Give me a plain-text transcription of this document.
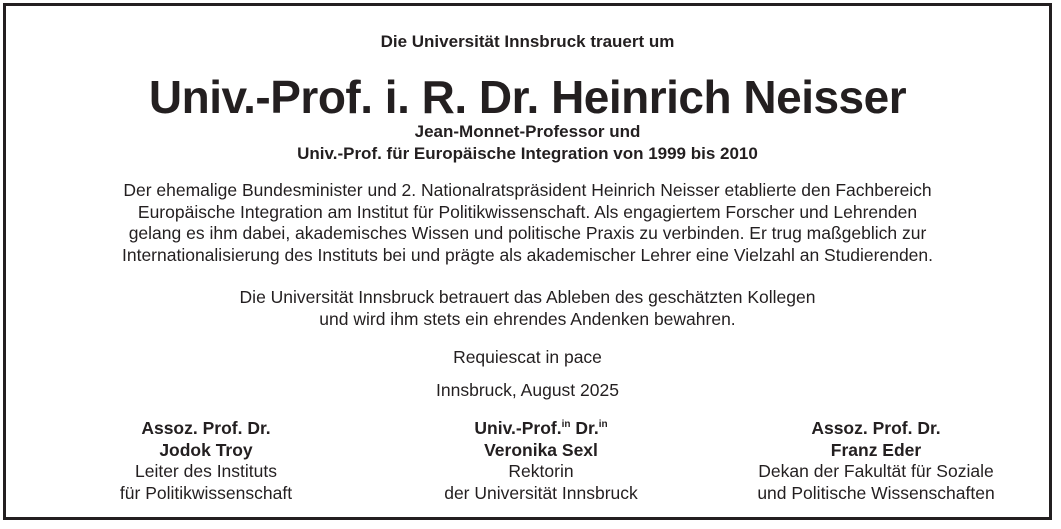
Die Universität Innsbruck trauert um
Univ.-Prof. i. R. Dr. Heinrich Neisser
Jean-Monnet-Professor und
Univ.-Prof. für Europäische Integration von 1999 bis 2010
Der ehemalige Bundesminister und 2. Nationalratspräsident Heinrich Neisser etablierte den Fachbereich
Europäische Integration am Institut für Politikwissenschaft. Als engagiertem Forscher und Lehrenden
gelang es ihm dabei, akademisches Wissen und politische Praxis zu verbinden. Er trug maßgeblich zur
Internationalisierung des Instituts bei und prägte als akademischer Lehrer eine Vielzahl an Studierenden.
Die Universität Innsbruck betrauert das Ableben des geschätzten Kollegen
und wird ihm stets ein ehrendes Andenken bewahren.
Requiescat in pace
Innsbruck, August 2025
Assoz. Prof. Dr.
Jodok Troy
Leiter des Instituts
für Politikwissenschaft
Univ.-Prof.$^{in}$ Dr.$^{in}$
Veronika Sexl
Rektorin
der Universität Innsbruck
Assoz. Prof. Dr.
Franz Eder
Dekan der Fakultät für Soziale
und Politische Wissenschaften
